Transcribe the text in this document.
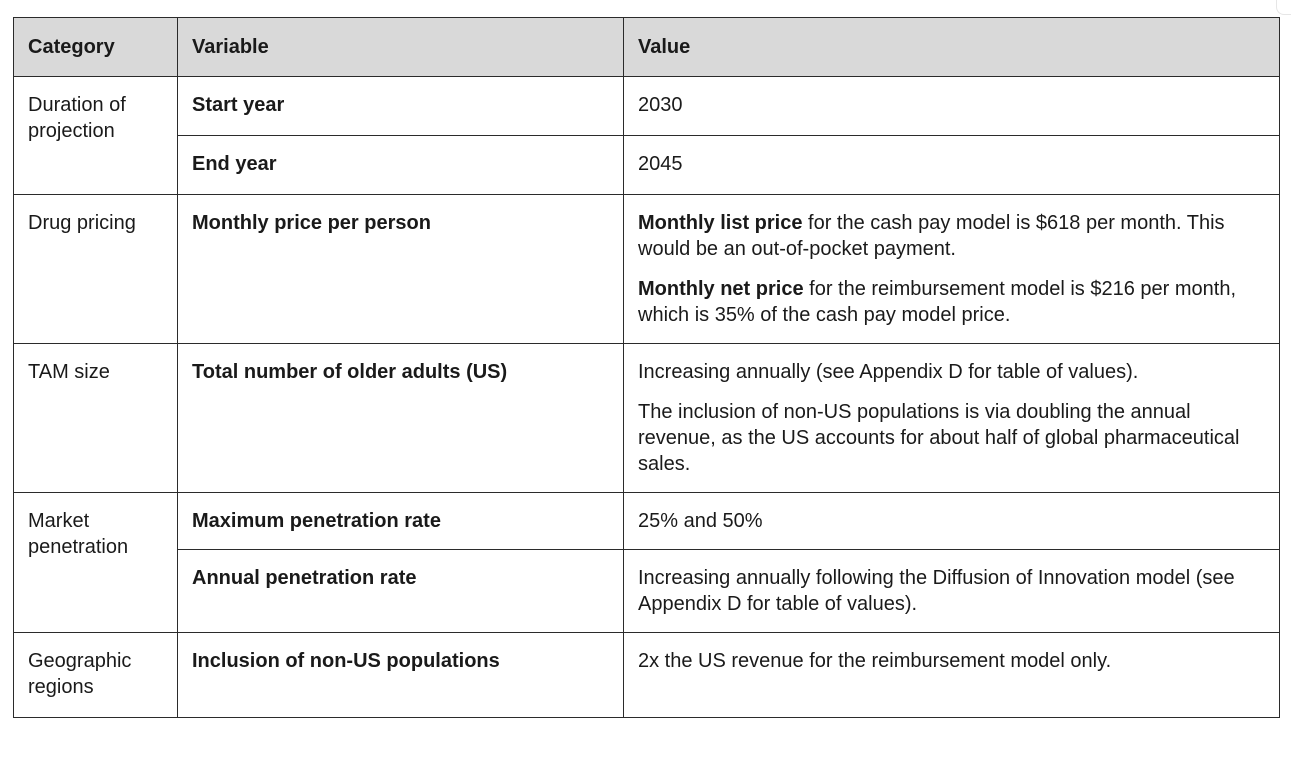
Category	Variable	Value
Duration of projection	Start year	2030
	End year	2045
Drug pricing	Monthly price per person	Monthly list price for the cash pay model is $618 per month. This would be an out-of-pocket payment.

Monthly net price for the reimbursement model is $216 per month, which is 35% of the cash pay model price.

TAM size	Total number of older adults (US)	Increasing annually (see Appendix D for table of values).

The inclusion of non-US populations is via doubling the annual revenue, as the US accounts for about half of global pharmaceutical sales.

Market penetration	Maximum penetration rate	25% and 50%
	Annual penetration rate	Increasing annually following the Diffusion of Innovation model (see Appendix D for table of values).
Geographic regions	Inclusion of non-US populations	2x the US revenue for the reimbursement model only.
